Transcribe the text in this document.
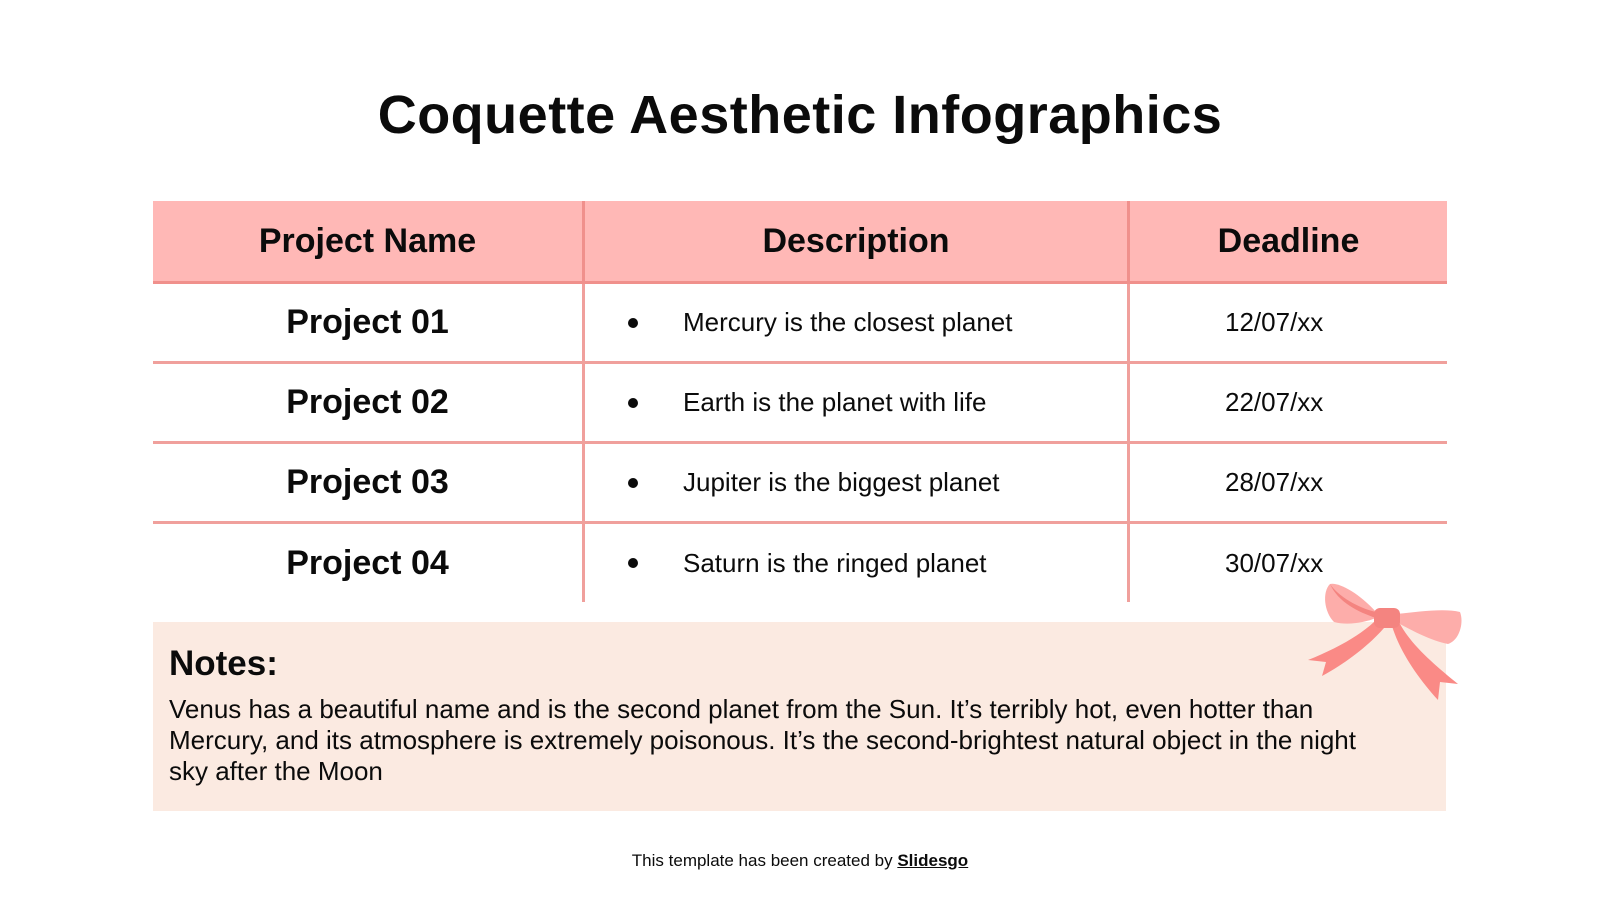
Coquette Aesthetic Infographics
Project Name	Description	Deadline
Project 01	Mercury is the closest planet	12/07/xx
Project 02	Earth is the planet with life	22/07/xx
Project 03	Jupiter is the biggest planet	28/07/xx
Project 04	Saturn is the ringed planet	30/07/xx
Notes:
Venus has a beautiful name and is the second planet from the Sun. It’s terribly hot, even hotter than Mercury, and its atmosphere is extremely poisonous. It’s the second-brightest natural object in the night sky after the Moon
This template has been created by Slidesgo
